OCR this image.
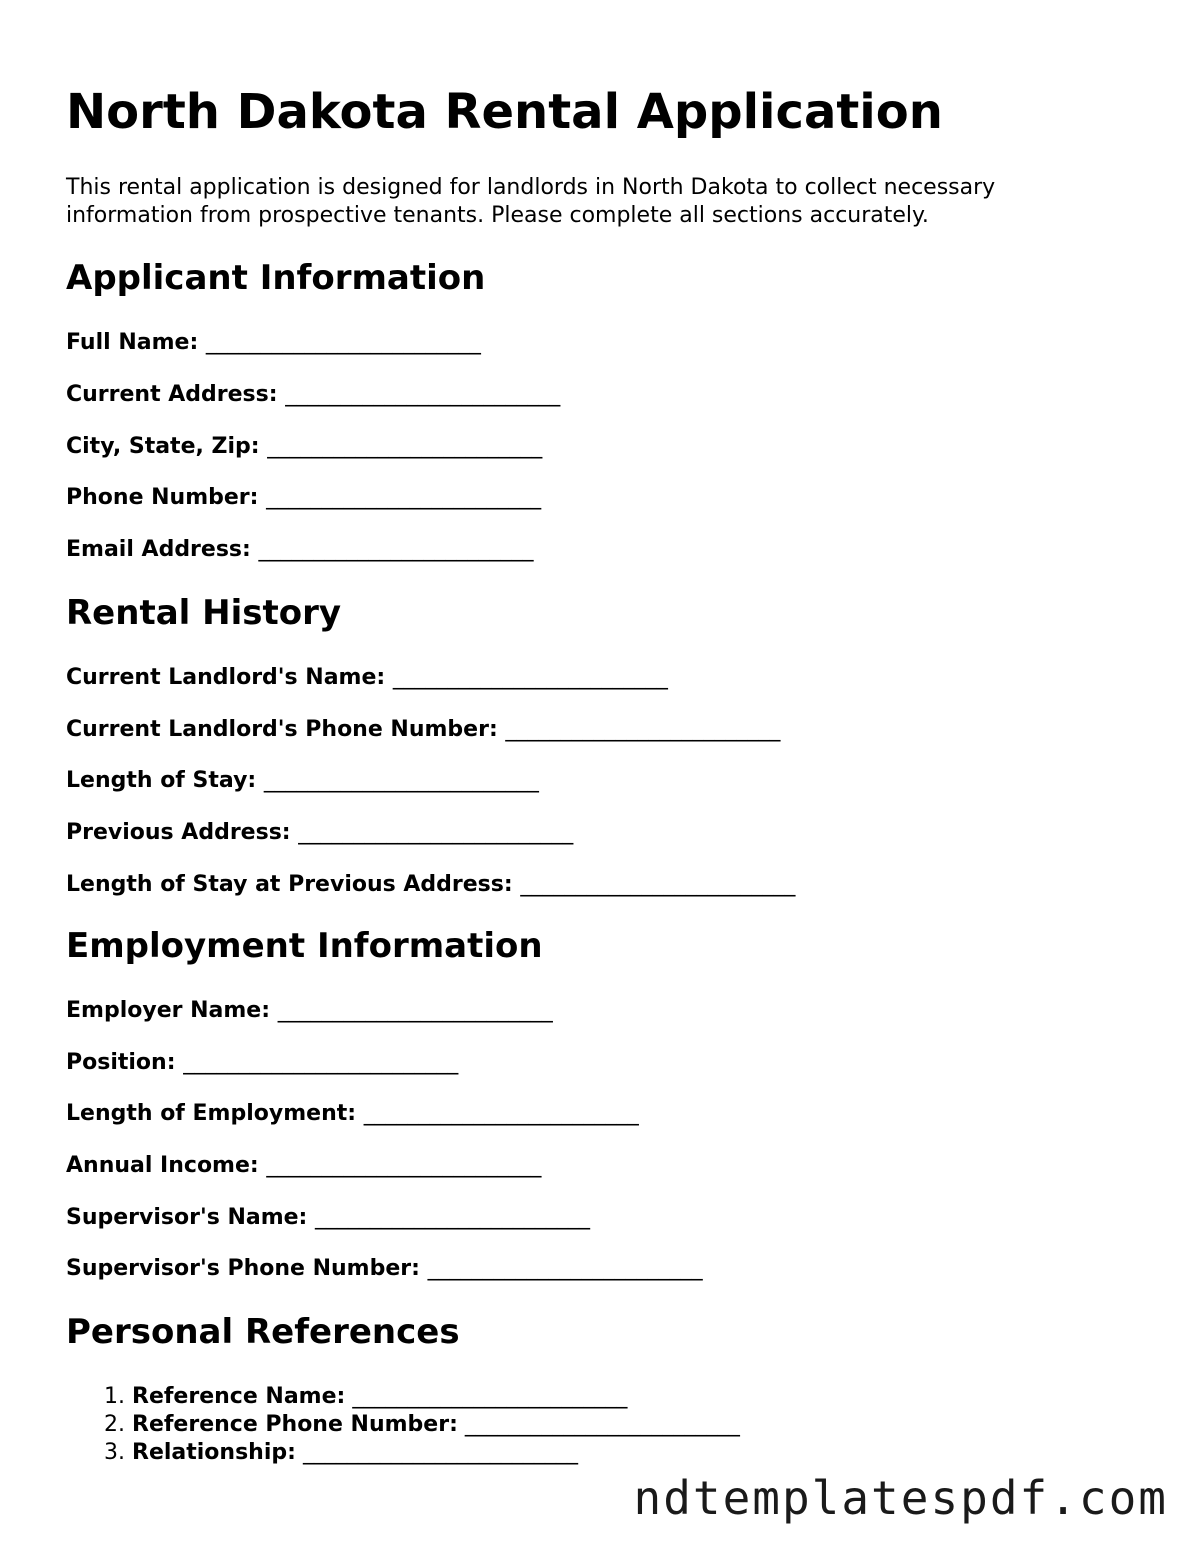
North Dakota Rental Application

This rental application is designed for landlords in North Dakota to collect necessary information from prospective tenants. Please complete all sections accurately.

Applicant Information

Full Name: _________________________

Current Address: _________________________

City, State, Zip: _________________________

Phone Number: _________________________

Email Address: _________________________

Rental History

Current Landlord's Name: _________________________

Current Landlord's Phone Number: _________________________

Length of Stay: _________________________

Previous Address: _________________________

Length of Stay at Previous Address: _________________________

Employment Information

Employer Name: _________________________

Position: _________________________

Length of Employment: _________________________

Annual Income: _________________________

Supervisor's Name: _________________________

Supervisor's Phone Number: _________________________

Personal References
1. Reference Name: _________________________
2. Reference Phone Number: _________________________
3. Relationship: _________________________
ndtemplatespdf.com
